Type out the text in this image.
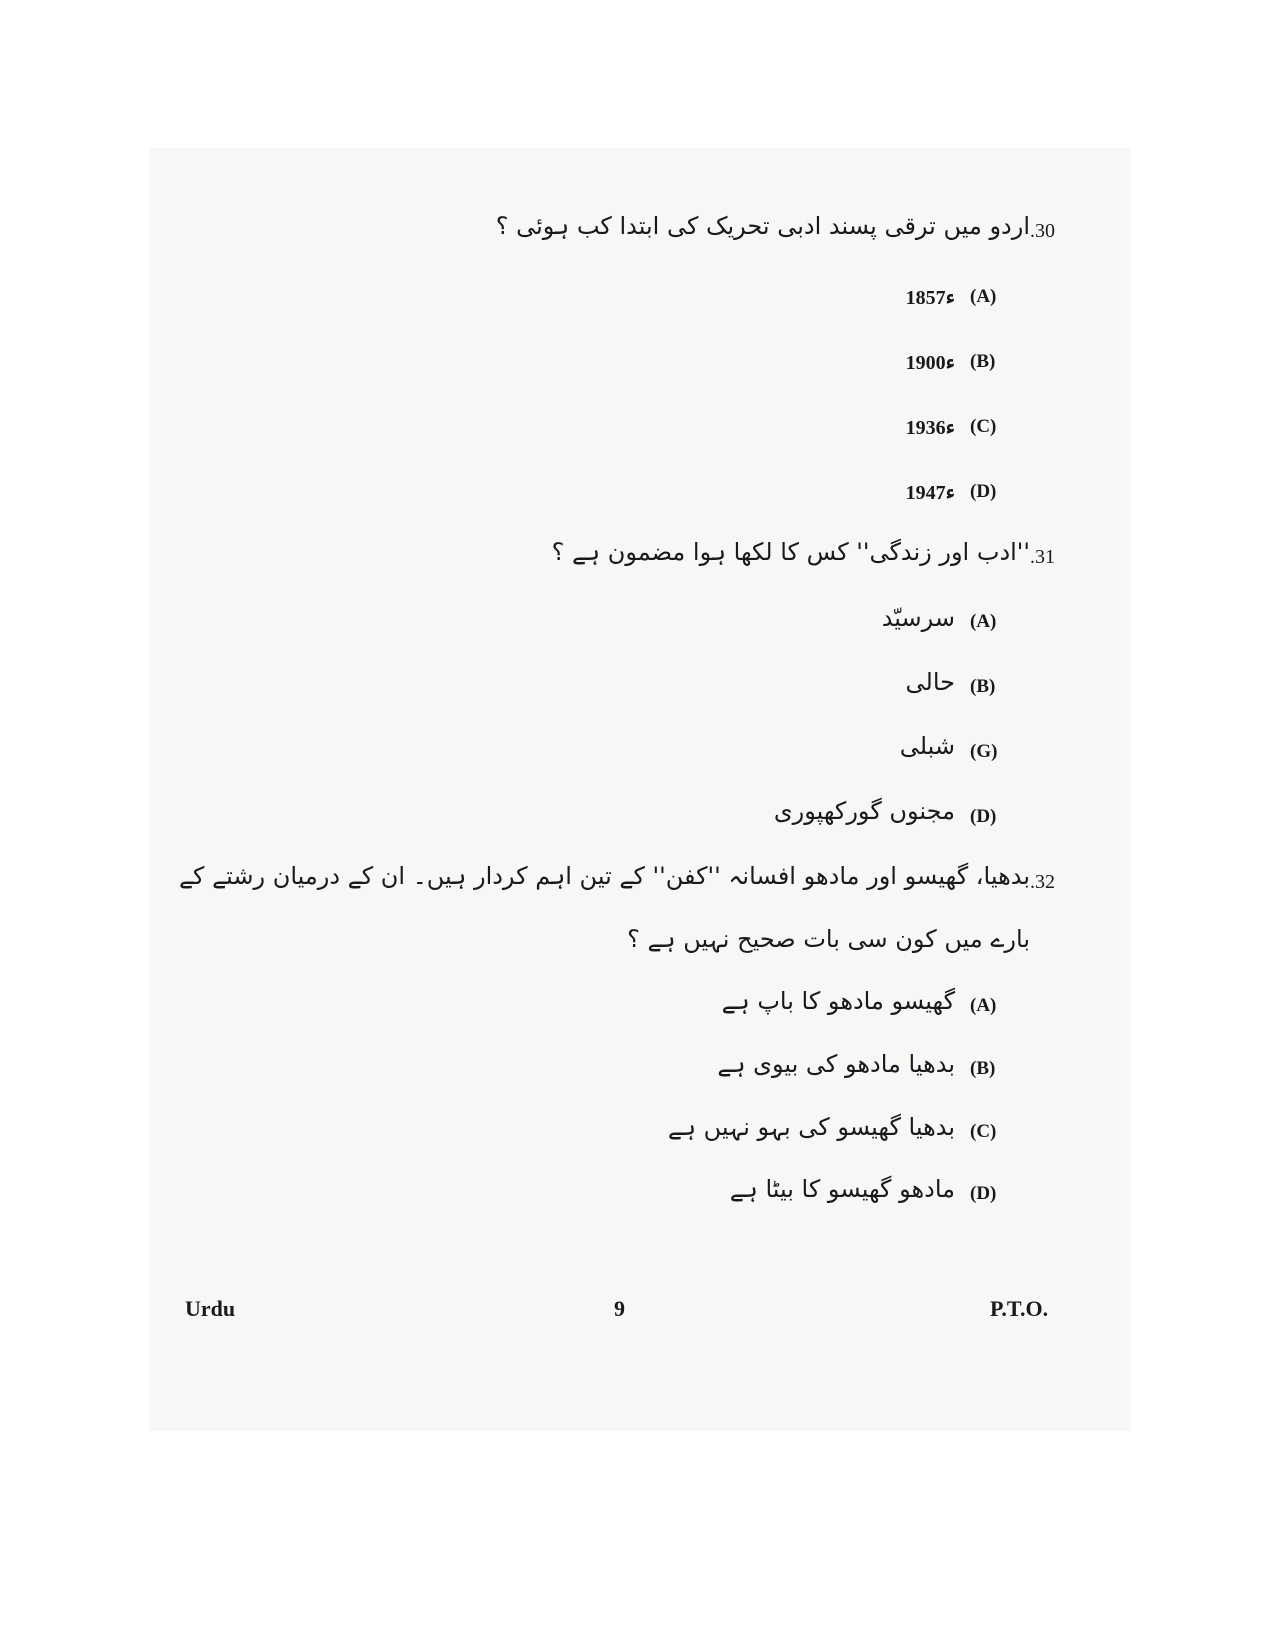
.30
اردو میں ترقی پسند ادبی تحریک کی ابتدا کب ہوئی ؟
(A)
1857ء
(B)
1900ء
(C)
1936ء
(D)
1947ء
.31
''ادب اور زندگی'' کس کا لکھا ہوا مضمون ہے ؟
(A)
سرسیّد
(B)
حالی
(G)
شبلی
(D)
مجنوں گورکھپوری
.32
بدھیا، گھیسو اور مادھو افسانہ ''کفن'' کے تین اہم کردار ہیں۔ ان کے درمیان رشتے کے
بارے میں کون سی بات صحیح نہیں ہے ؟
(A)
گھیسو مادھو کا باپ ہے
(B)
بدھیا مادھو کی بیوی ہے
(C)
بدھیا گھیسو کی بہو نہیں ہے
(D)
مادھو گھیسو کا بیٹا ہے
Urdu	9	P.T.O.
